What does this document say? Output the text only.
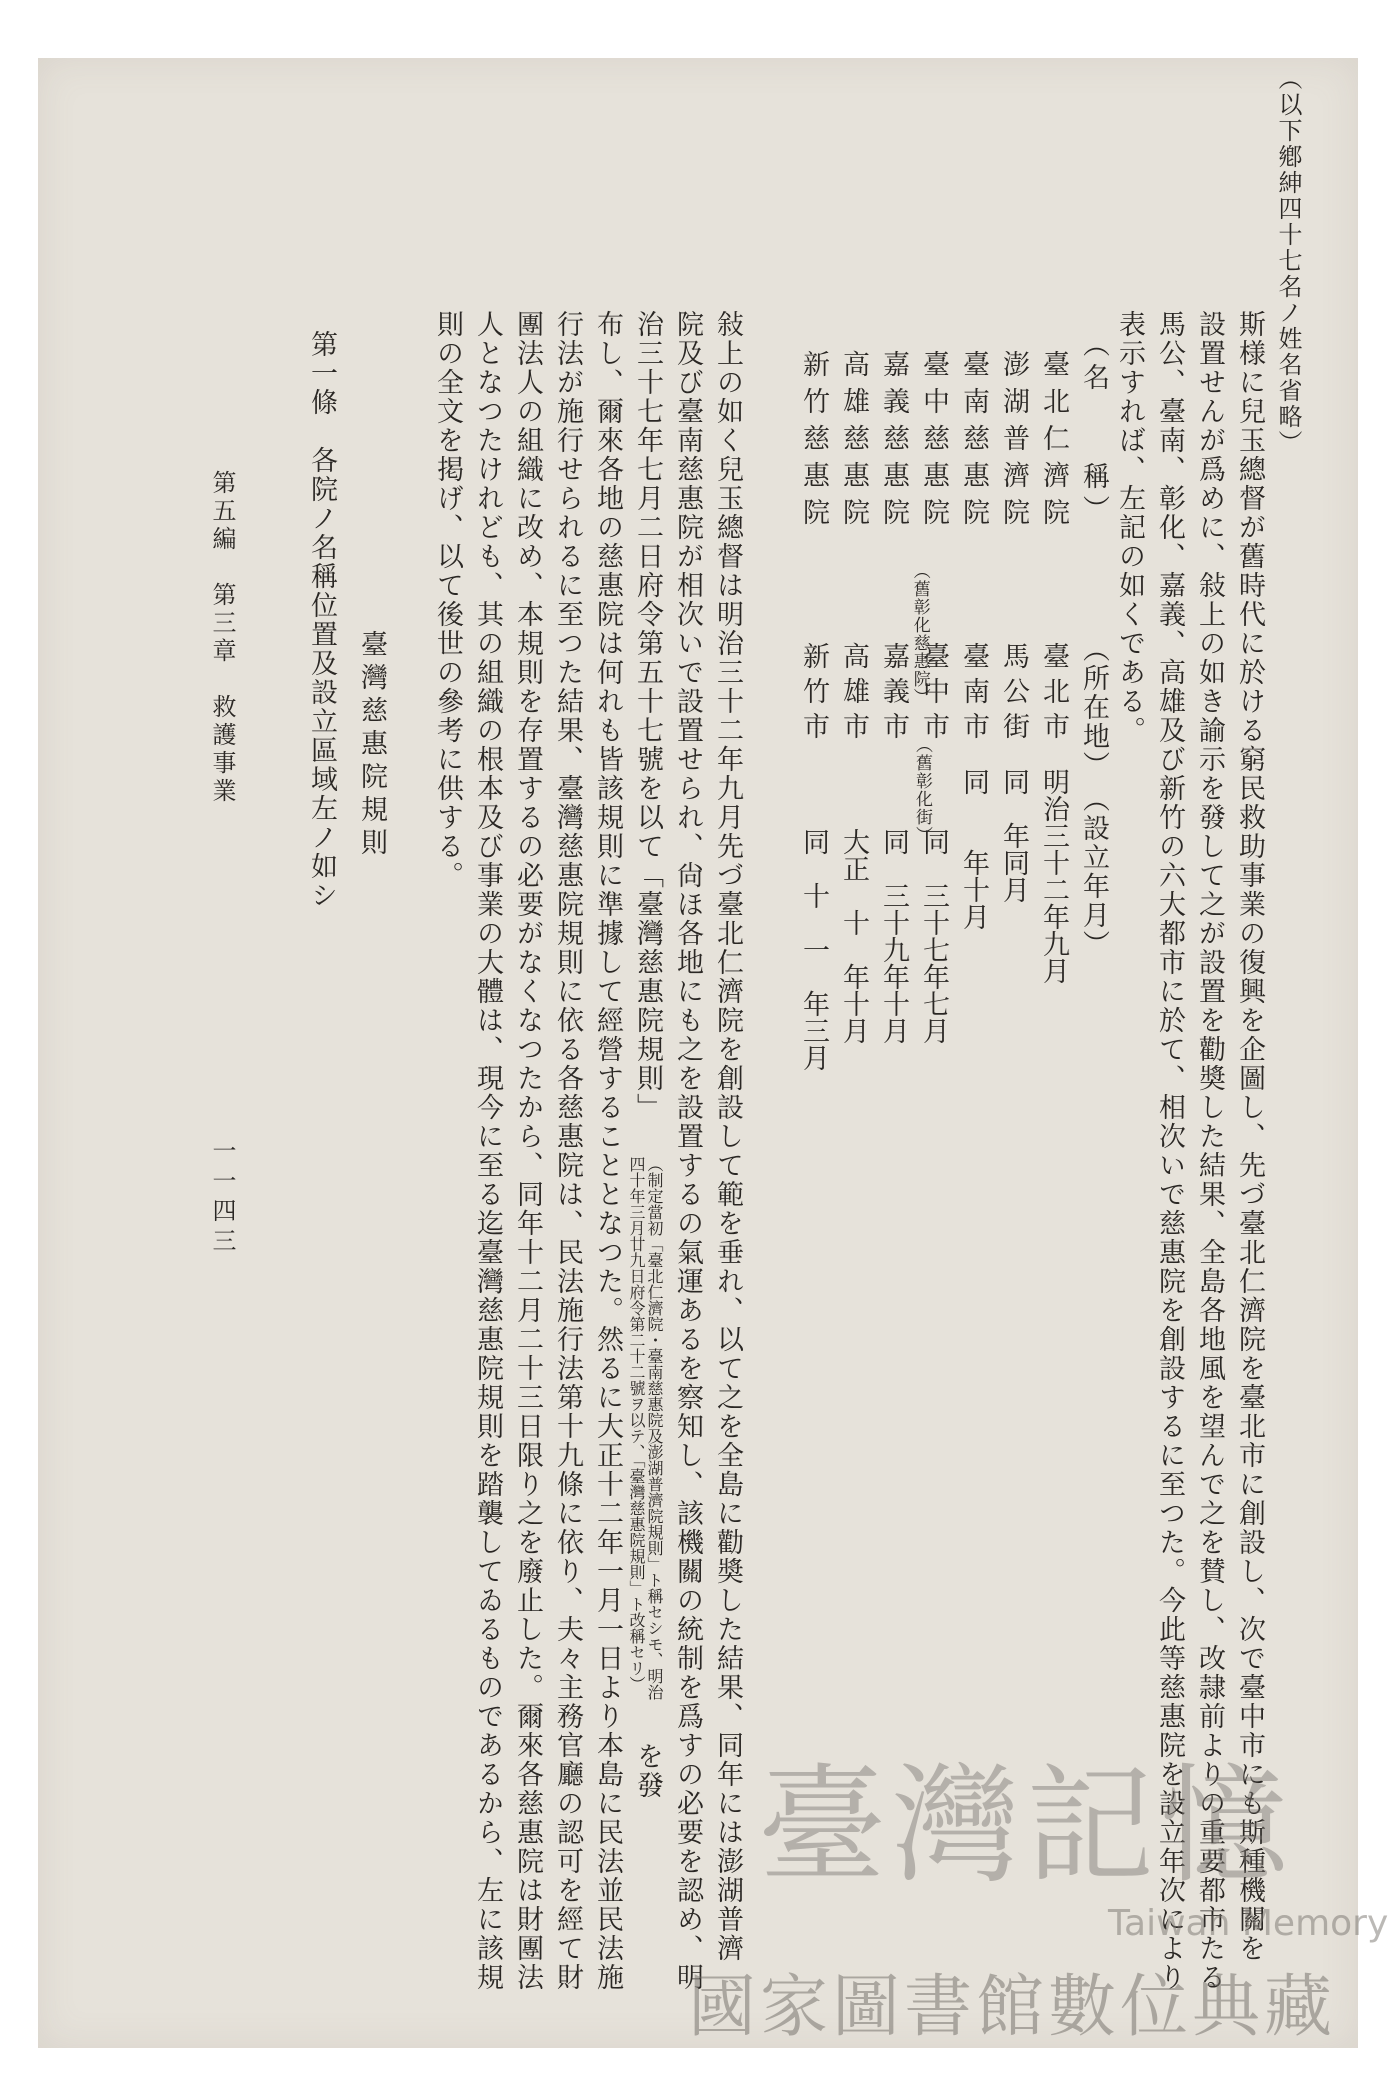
（以下鄕紳四十七名ノ姓名省略）
斯様に兒玉總督が舊時代に於ける窮民救助事業の復興を企圖し、先づ臺北仁濟院を臺北市に創設し、次で臺中市にも斯種機關を
設置せんが爲めに、敍上の如き諭示を發して之が設置を勸奬した結果、全島各地風を望んで之を賛し、改隷前よりの重要都市たる
馬公、臺南、彰化、嘉義、高雄及び新竹の六大都市に於て、相次いで慈惠院を創設するに至つた。今此等慈惠院を設立年次により
表示すれば、左記の如くである。
（名　　稱）
（所在地）
（設立年月）
臺北仁濟院
臺北市
明治三十二年九月
澎湖普濟院
馬公街
同　年同月
臺南慈惠院
臺南市
同　　年十月
臺中慈惠院
（舊彰化慈惠院）
臺中市
（舊彰化街）
同　三十七年七月
嘉義慈惠院
嘉義市
同　三十九年十月
高雄慈惠院
高雄市
大正　十　年十月
新竹慈惠院
新竹市
同　十　一　年三月
敍上の如く兒玉總督は明治三十二年九月先づ臺北仁濟院を創設して範を垂れ、以て之を全島に勸奬した結果、同年には澎湖普濟
院及び臺南慈惠院が相次いで設置せられ、尙ほ各地にも之を設置するの氣運あるを察知し、該機關の統制を爲すの必要を認め、明
治三十七年七月二日府令第五十七號を以て「臺灣慈惠院規則」
（制定當初「臺北仁濟院・臺南慈惠院及澎湖普濟院規則」ト稱セシモ、明治
四十年三月廿九日府令第二十二號ヲ以テ、「臺灣慈惠院規則」ト改稱セリ）
を發
布し、爾來各地の慈惠院は何れも皆該規則に準據して經營することとなつた。然るに大正十二年一月一日より本島に民法並民法施
行法が施行せられるに至つた結果、臺灣慈惠院規則に依る各慈惠院は、民法施行法第十九條に依り、夫々主務官廳の認可を經て財
團法人の組織に改め、本規則を存置するの必要がなくなつたから、同年十二月二十三日限り之を廢止した。爾來各慈惠院は財團法
人となつたけれども、其の組織の根本及び事業の大體は、現今に至る迄臺灣慈惠院規則を踏襲してゐるものであるから、左に該規
則の全文を掲げ、以て後世の參考に供する。
臺灣慈惠院規則
第一條　各院ノ名稱位置及設立區域左ノ如シ
第五編　第三章　救護事業
一一四三
臺灣記憶
Taiwan Memory
國家圖書館數位典藏
